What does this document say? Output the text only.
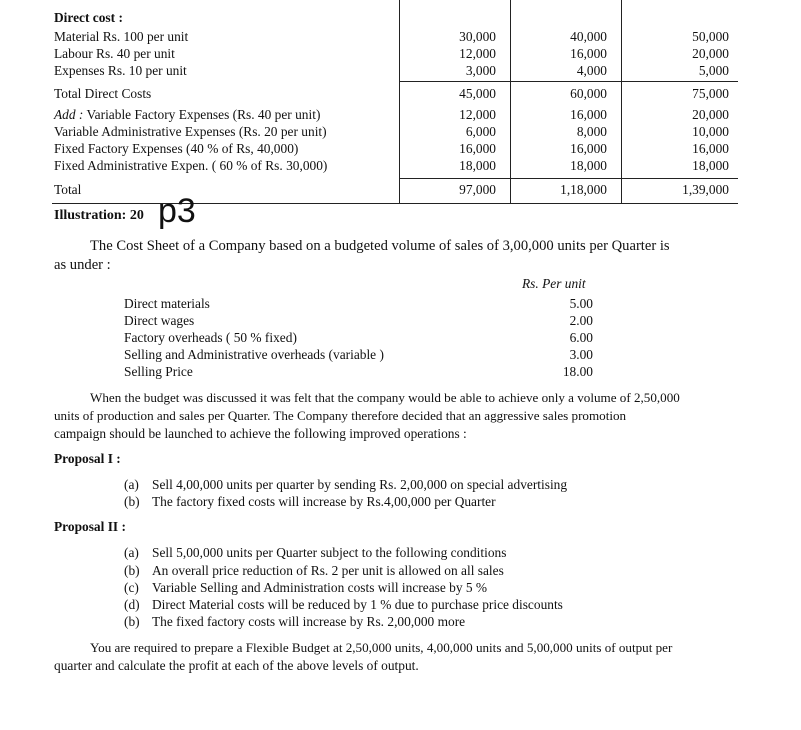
Direct cost :
Material Rs. 100 per unit	30,000	40,000	50,000
Labour Rs. 40 per unit	12,000	16,000	20,000
Expenses Rs. 10 per unit	3,000	4,000	5,000
Total Direct Costs	45,000	60,000	75,000
Add : Variable Factory Expenses (Rs. 40 per unit)	12,000	16,000	20,000
Variable Administrative Expenses (Rs. 20 per unit)	6,000	8,000	10,000
Fixed Factory Expenses (40 % of Rs, 40,000)	16,000	16,000	16,000
Fixed Administrative Expen. ( 60 % of Rs. 30,000)	18,000	18,000	18,000
Total	97,000	1,18,000	1,39,000
Illustration: 20 p3
The Cost Sheet of a Company based on a budgeted volume of sales of 3,00,000 units per Quarter is
as under :
Rs. Per unit
Direct materials	5.00
Direct wages	2.00
Factory overheads ( 50 % fixed)	6.00
Selling and Administrative overheads (variable )	3.00
Selling Price	18.00
When the budget was discussed it was felt that the company would be able to achieve only a volume of 2,50,000
units of production and sales per Quarter. The Company therefore decided that an aggressive sales promotion
campaign should be launched to achieve the following improved operations :
Proposal I :
(a) Sell 4,00,000 units per quarter by sending Rs. 2,00,000 on special advertising
(b) The factory fixed costs will increase by Rs.4,00,000 per Quarter
Proposal II :
(a) Sell 5,00,000 units per Quarter subject to the following conditions
(b) An overall price reduction of Rs. 2 per unit is allowed on all sales
(c) Variable Selling and Administration costs will increase by 5 %
(d) Direct Material costs will be reduced by 1 % due to purchase price discounts
(b) The fixed factory costs will increase by Rs. 2,00,000 more
You are required to prepare a Flexible Budget at 2,50,000 units, 4,00,000 units and 5,00,000 units of output per
quarter and calculate the profit at each of the above levels of output.
